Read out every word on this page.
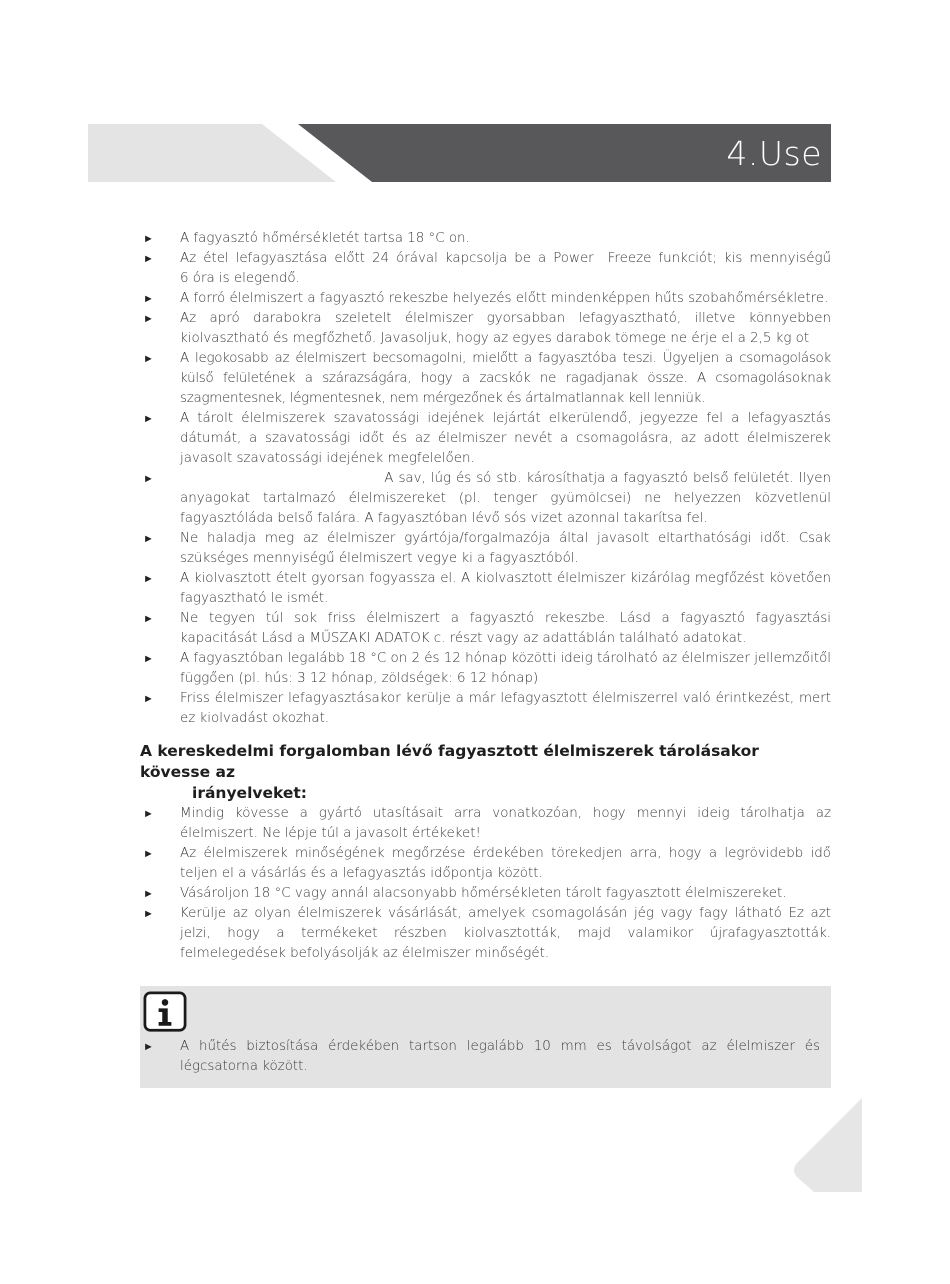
4.Use
► A fagyasztó hőmérsékletét tartsa 18 °C on.
► Az étel lefagyasztása előtt 24 órával kapcsolja be a Power  Freeze funkciót; kis mennyiségű            6 óra is elegendő.
► A forró élelmiszert a fagyasztó rekeszbe helyezés előtt mindenképpen hűts szobahőmérsékletre.
► Az apró darabokra szeletelt élelmiszer gyorsabban lefagyasztható, illetve könnyebben kiolvasztható és megfőzhető. Javasoljuk, hogy az egyes darabok tömege ne érje el a 2,5 kg ot
► A legokosabb az élelmiszert becsomagolni, mielőtt a fagyasztóba teszi. Ügyeljen a csomagolások külső felületének a szárazságára, hogy a zacskók ne ragadjanak össze. A csomagolásoknak szagmentesnek, légmentesnek, nem mérgezőnek és ártalmatlannak kell lenniük.
► A tárolt élelmiszerek szavatossági idejének lejártát elkerülendő, jegyezze fel a lefagyasztás dátumát, a szavatossági időt és az élelmiszer nevét a csomagolásra, az adott élelmiszerek javasolt szavatossági idejének megfelelően.
► A sav, lúg és só stb. károsíthatja a fagyasztó belső felületét. Ilyen anyagokat tartalmazó élelmiszereket (pl. tenger gyümölcsei) ne helyezzen közvetlenül   fagyasztóláda belső falára. A fagyasztóban lévő sós vizet azonnal takarítsa fel.
► Ne haladja meg az élelmiszer gyártója/forgalmazója által javasolt eltarthatósági időt. Csak szükséges mennyiségű élelmiszert vegye ki a fagyasztóból.
► A kiolvasztott ételt gyorsan fogyassza el. A kiolvasztott élelmiszer kizárólag megfőzést követően fagyasztható le ismét.
► Ne tegyen túl sok friss élelmiszert a fagyasztó rekeszbe. Lásd a fagyasztó fagyasztási kapacitását Lásd a MŰSZAKI ADATOK c. részt vagy az adattáblán található adatokat.
► A fagyasztóban legalább 18 °C on 2 és 12 hónap közötti ideig tárolható az élelmiszer jellemzőitől függően (pl. hús: 3 12 hónap, zöldségek: 6 12 hónap)
► Friss élelmiszer lefagyasztásakor kerülje a már lefagyasztott élelmiszerrel való érintkezést, mert ez kiolvadást okozhat.
A kereskedelmi forgalomban lévő fagyasztott élelmiszerek tárolásakor kövesse az
irányelveket:
► Mindig kövesse a gyártó utasításait arra vonatkozóan, hogy mennyi ideig tárolhatja az élelmiszert. Ne lépje túl a javasolt értékeket!
► Az élelmiszerek minőségének megőrzése érdekében törekedjen arra, hogy a legrövidebb idő teljen el a vásárlás és a lefagyasztás időpontja között.
► Vásároljon 18 °C vagy annál alacsonyabb hőmérsékleten tárolt fagyasztott élelmiszereket.
► Kerülje az olyan élelmiszerek vásárlását, amelyek csomagolásán jég vagy fagy látható Ez azt jelzi, hogy a termékeket részben kiolvasztották, majd valamikor újrafagyasztották. felmelegedések befolyásolják az élelmiszer minőségét.
► A hűtés biztosítása érdekében tartson legalább 10 mm es távolságot az élelmiszer és légcsatorna között.
